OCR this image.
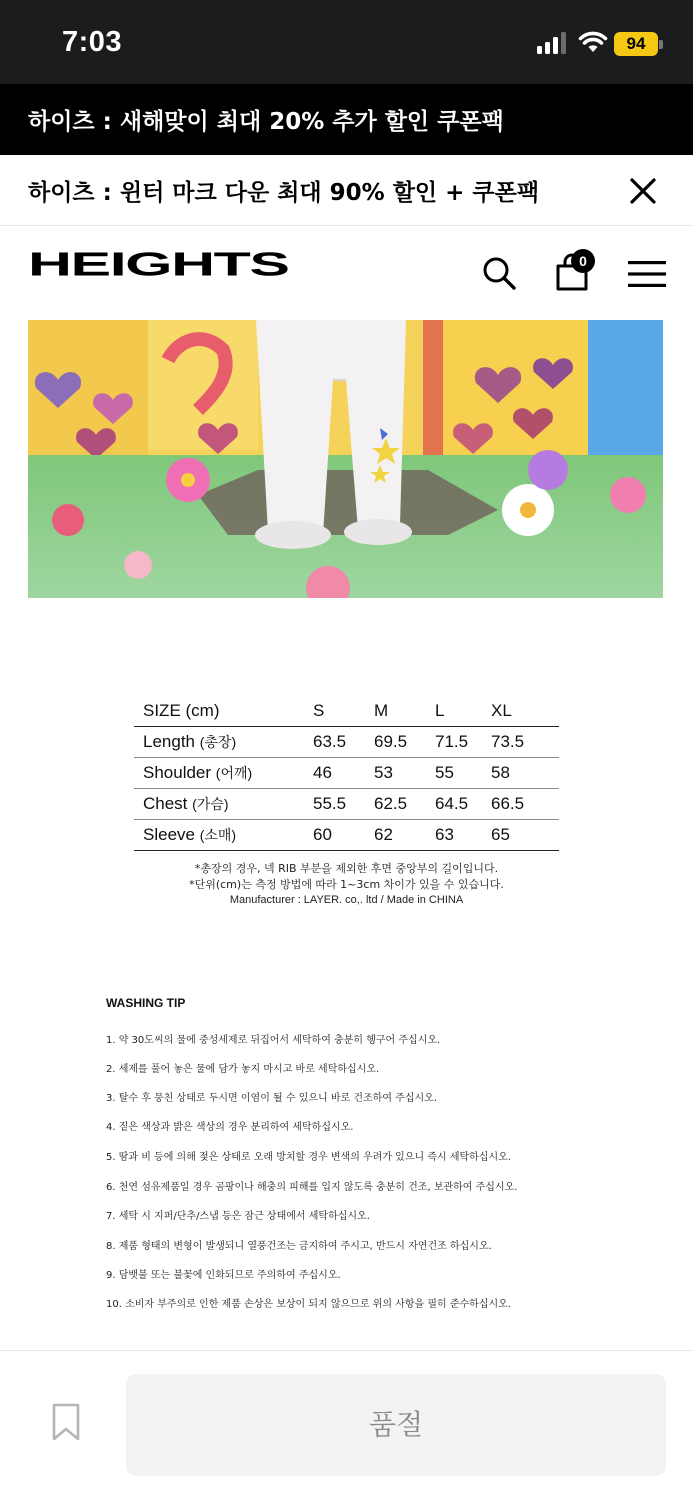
7:03	94
하이츠 : 새해맞이 최대 20% 추가 할인 쿠폰팩
하이츠 : 윈터 마크 다운 최대 90% 할인 + 쿠폰팩
HEIGHTS	0
SIZE (cm)	S	M	L	XL
Length (총장)	63.5	69.5	71.5	73.5
Shoulder (어깨)	46	53	55	58
Chest (가슴)	55.5	62.5	64.5	66.5
Sleeve (소매)	60	62	63	65
*총장의 경우, 넥 RIB 부분을 제외한 후면 중앙부의 길이입니다.
*단위(cm)는 측정 방법에 따라 1~3cm 차이가 있을 수 있습니다.
Manufacturer : LAYER. co,. ltd / Made in CHINA
WASHING TIP
1. 약 30도씨의 물에 중성세제로 뒤집어서 세탁하여 충분히 헹구어 주십시오.
2. 세제를 풀어 놓은 물에 담가 놓지 마시고 바로 세탁하십시오.
3. 탈수 후 뭉친 상태로 두시면 이염이 될 수 있으니 바로 건조하여 주십시오.
4. 짙은 색상과 밝은 색상의 경우 분리하여 세탁하십시오.
5. 땀과 비 등에 의해 젖은 상태로 오래 방치할 경우 변색의 우려가 있으니 즉시 세탁하십시오.
6. 천연 섬유제품일 경우 곰팡이나 해충의 피해를 입지 않도록 충분히 건조, 보관하여 주십시오.
7. 세탁 시 지퍼/단추/스냅 등은 잠근 상태에서 세탁하십시오.
8. 제품 형태의 변형이 발생되니 열풍건조는 금지하여 주시고, 반드시 자연건조 하십시오.
9. 담뱃불 또는 불꽃에 인화되므로 주의하여 주십시오.
10. 소비자 부주의로 인한 제품 손상은 보상이 되지 않으므로 위의 사항을 필히 준수하십시오.
품절
